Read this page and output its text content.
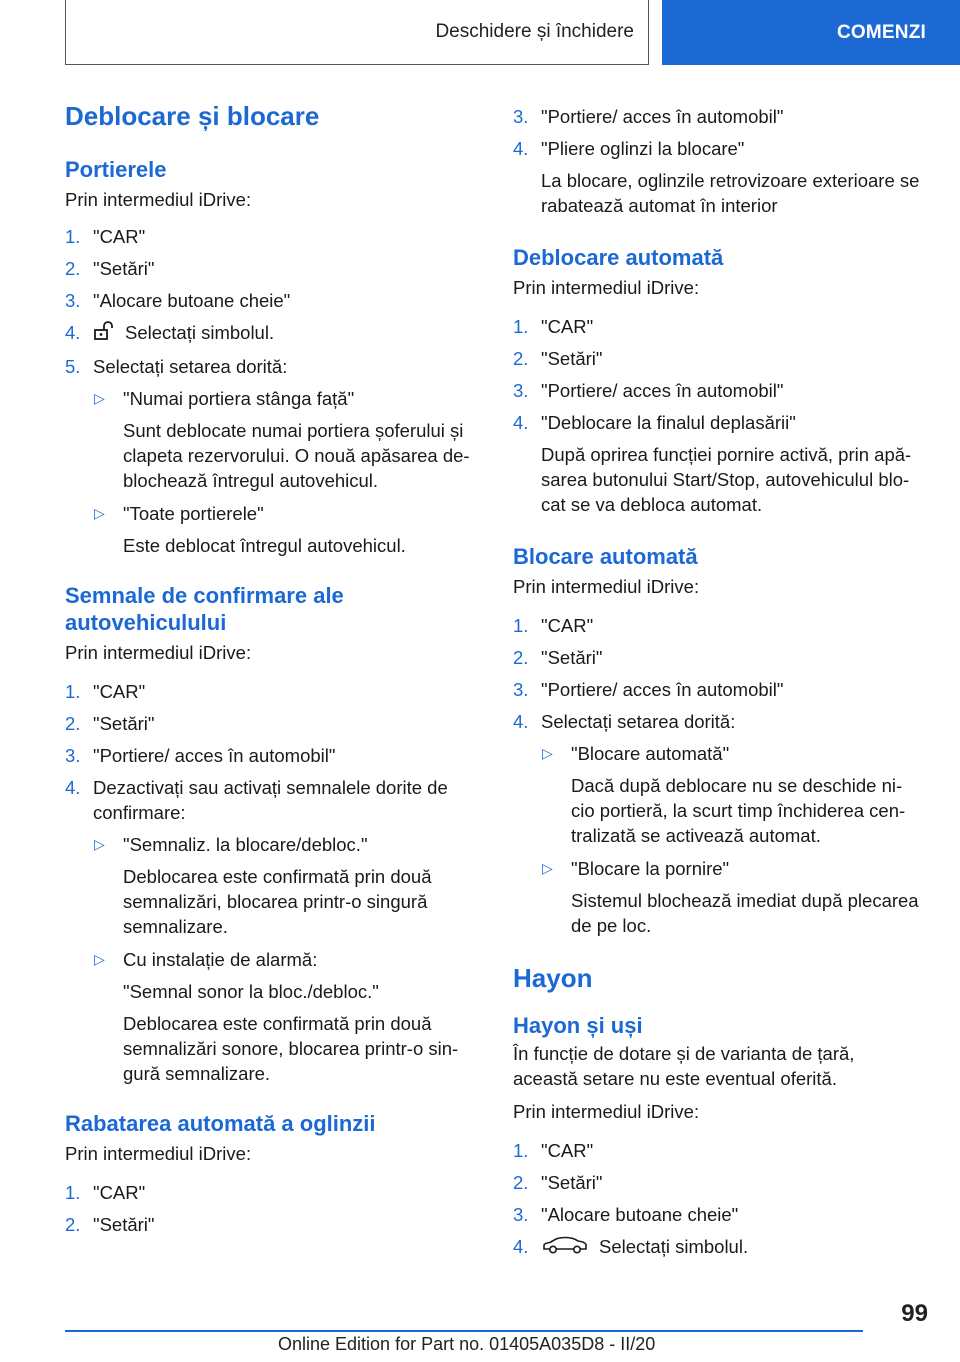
Deschidere și închidere	COMENZI
Deblocare și blocare
Portierele
Prin intermediul iDrive:
1. "CAR"
2. "Setări"
3. "Alocare butoane cheie"
4. Selectați simbolul.
5. Selectați setarea dorită:
▷ "Numai portiera stânga față"
Sunt deblocate numai portiera șoferului și
clapeta rezervorului. O nouă apăsarea de-
blochează întregul autovehicul.
▷ "Toate portierele"
Este deblocat întregul autovehicul.
Semnale de confirmare ale
autovehiculului
Prin intermediul iDrive:
1. "CAR"
2. "Setări"
3. "Portiere/ acces în automobil"
4. Dezactivați sau activați semnalele dorite de
confirmare:
▷ "Semnaliz. la blocare/debloc."
Deblocarea este confirmată prin două
semnalizări, blocarea printr-o singură
semnalizare.
▷ Cu instalație de alarmă:
"Semnal sonor la bloc./debloc."
Deblocarea este confirmată prin două
semnalizări sonore, blocarea printr-o sin-
gură semnalizare.
Rabatarea automată a oglinzii
Prin intermediul iDrive:
1. "CAR"
2. "Setări"
3. "Portiere/ acces în automobil"
4. "Pliere oglinzi la blocare"
La blocare, oglinzile retrovizoare exterioare se
rabatează automat în interior
Deblocare automată
Prin intermediul iDrive:
1. "CAR"
2. "Setări"
3. "Portiere/ acces în automobil"
4. "Deblocare la finalul deplasării"
După oprirea funcției pornire activă, prin apă-
sarea butonului Start/Stop, autovehiculul blo-
cat se va debloca automat.
Blocare automată
Prin intermediul iDrive:
1. "CAR"
2. "Setări"
3. "Portiere/ acces în automobil"
4. Selectați setarea dorită:
▷ "Blocare automată"
Dacă după deblocare nu se deschide ni-
cio portieră, la scurt timp închiderea cen-
tralizată se activează automat.
▷ "Blocare la pornire"
Sistemul blochează imediat după plecarea
de pe loc.
Hayon
Hayon și uși
În funcție de dotare și de varianta de țară,
această setare nu este eventual oferită.
Prin intermediul iDrive:
1. "CAR"
2. "Setări"
3. "Alocare butoane cheie"
4.	Selectați simbolul.
99
Online Edition for Part no. 01405A035D8 - II/20
